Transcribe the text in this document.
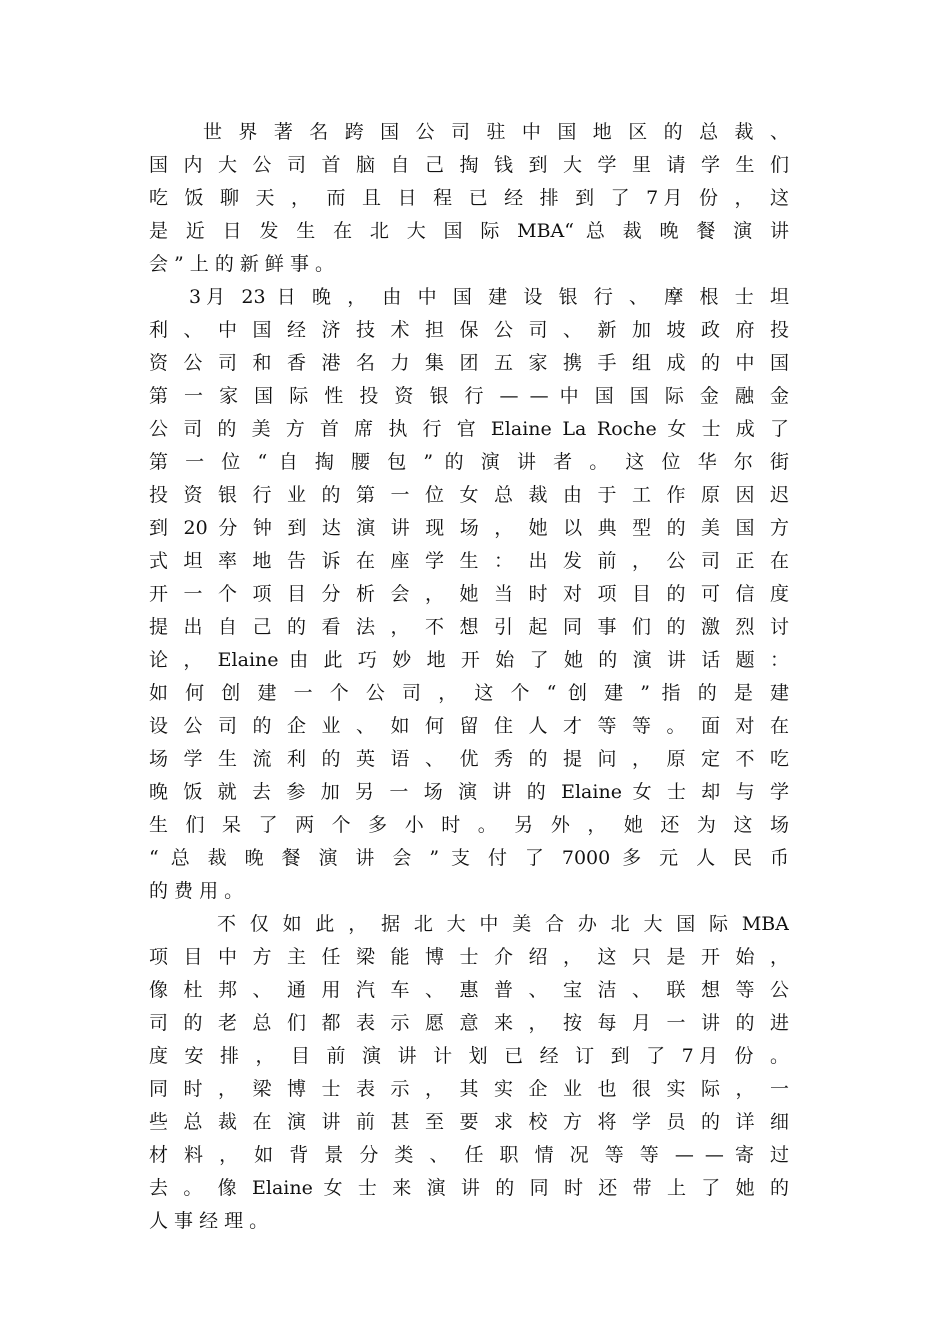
世 界 著 名 跨 国 公 司 驻 中 国 地 区 的 总 裁 、
国 内 大 公 司 首 脑 自 己 掏 钱 到 大 学 里 请 学 生 们
吃 饭 聊 天 ， 而 且 日 程 已 经 排 到 了 7月 份 ， 这
是 近 日 发 生 在 北 大 国 际 MBA“ 总 裁 晚 餐 演 讲
会 ” 上 的 新 鲜 事 。
3月 23 日 晚 ， 由 中 国 建 设 银 行 、 摩 根 士 坦
利 、 中 国 经 济 技 术 担 保 公 司 、 新 加 坡 政 府 投
资 公 司 和 香 港 名 力 集 团 五 家 携 手 组 成 的 中 国
第 一 家 国 际 性 投 资 银 行 — — 中 国 国 际 金 融 金
公 司 的 美 方 首 席 执 行 官 Elaine La Roche 女 士 成 了
第 一 位 “ 自 掏 腰 包 ” 的 演 讲 者 。 这 位 华 尔 街
投 资 银 行 业 的 第 一 位 女 总 裁 由 于 工 作 原 因 迟
到 20 分 钟 到 达 演 讲 现 场 ， 她 以 典 型 的 美 国 方
式 坦 率 地 告 诉 在 座 学 生 ： 出 发 前 ， 公 司 正 在
开 一 个 项 目 分 析 会 ， 她 当 时 对 项 目 的 可 信 度
提 出 自 己 的 看 法 ， 不 想 引 起 同 事 们 的 激 烈 讨
论 ， Elaine 由 此 巧 妙 地 开 始 了 她 的 演 讲 话 题 ：
如 何 创 建 一 个 公 司 ， 这 个 “ 创 建 ” 指 的 是 建
设 公 司 的 企 业 、 如 何 留 住 人 才 等 等 。 面 对 在
场 学 生 流 利 的 英 语 、 优 秀 的 提 问 ， 原 定 不 吃
晚 饭 就 去 参 加 另 一 场 演 讲 的 Elaine 女 士 却 与 学
生 们 呆 了 两 个 多 小 时 。 另 外 ， 她 还 为 这 场
“ 总 裁 晚 餐 演 讲 会 ” 支 付 了 7000 多 元 人 民 币
的 费 用 。
不 仅 如 此 ， 据 北 大 中 美 合 办 北 大 国 际 MBA
项 目 中 方 主 任 梁 能 博 士 介 绍 ， 这 只 是 开 始 ，
像 杜 邦 、 通 用 汽 车 、 惠 普 、 宝 洁 、 联 想 等 公
司 的 老 总 们 都 表 示 愿 意 来 ， 按 每 月 一 讲 的 进
度 安 排 ， 目 前 演 讲 计 划 已 经 订 到 了 7月 份 。
同 时 ， 梁 博 士 表 示 ， 其 实 企 业 也 很 实 际 ， 一
些 总 裁 在 演 讲 前 甚 至 要 求 校 方 将 学 员 的 详 细
材 料 ， 如 背 景 分 类 、 任 职 情 况 等 等 — — 寄 过
去 。 像 Elaine 女 士 来 演 讲 的 同 时 还 带 上 了 她 的
人 事 经 理 。
